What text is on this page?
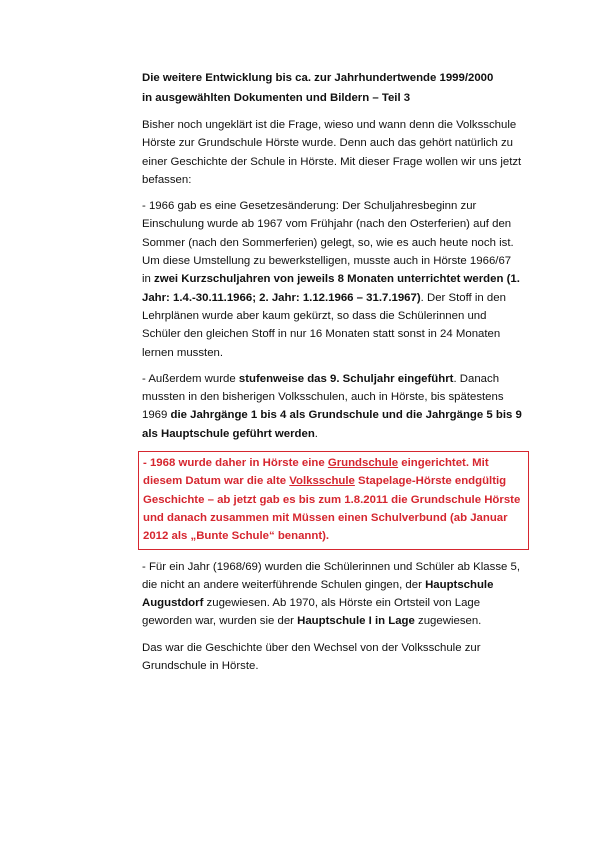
Die weitere Entwicklung bis ca. zur Jahrhundertwende 1999/2000
in ausgewählten Dokumenten und Bildern – Teil 3

Bisher noch ungeklärt ist die Frage, wieso und wann denn die Volksschule Hörste zur Grundschule Hörste wurde. Denn auch das gehört natürlich zu einer Geschichte der Schule in Hörste. Mit dieser Frage wollen wir uns jetzt befassen:

- 1966 gab es eine Gesetzesänderung: Der Schuljahresbeginn zur Einschulung wurde ab 1967 vom Frühjahr (nach den Osterferien) auf den Sommer (nach den Sommerferien) gelegt, so, wie es auch heute noch ist. Um diese Umstellung zu bewerkstelligen, musste auch in Hörste 1966/67 in zwei Kurzschuljahren von jeweils 8 Monaten unterrichtet werden (1. Jahr: 1.4.-30.11.1966; 2. Jahr: 1.12.1966 – 31.7.1967). Der Stoff in den Lehrplänen wurde aber kaum gekürzt, so dass die Schülerinnen und Schüler den gleichen Stoff in nur 16 Monaten statt sonst in 24 Monaten lernen mussten.

- Außerdem wurde stufenweise das 9. Schuljahr eingeführt. Danach mussten in den bisherigen Volksschulen, auch in Hörste, bis spätestens 1969 die Jahrgänge 1 bis 4 als Grundschule und die Jahrgänge 5 bis 9 als Hauptschule geführt werden.

- 1968 wurde daher in Hörste eine Grundschule eingerichtet. Mit diesem Datum war die alte Volksschule Stapelage-Hörste endgültig Geschichte – ab jetzt gab es bis zum 1.8.2011 die Grundschule Hörste und danach zusammen mit Müssen einen Schulverbund (ab Januar 2012 als „Bunte Schule“ benannt).

- Für ein Jahr (1968/69) wurden die Schülerinnen und Schüler ab Klasse 5, die nicht an andere weiterführende Schulen gingen, der Hauptschule Augustdorf zugewiesen. Ab 1970, als Hörste ein Ortsteil von Lage geworden war, wurden sie der Hauptschule I in Lage zugewiesen.

Das war die Geschichte über den Wechsel von der Volksschule zur Grundschule in Hörste.
